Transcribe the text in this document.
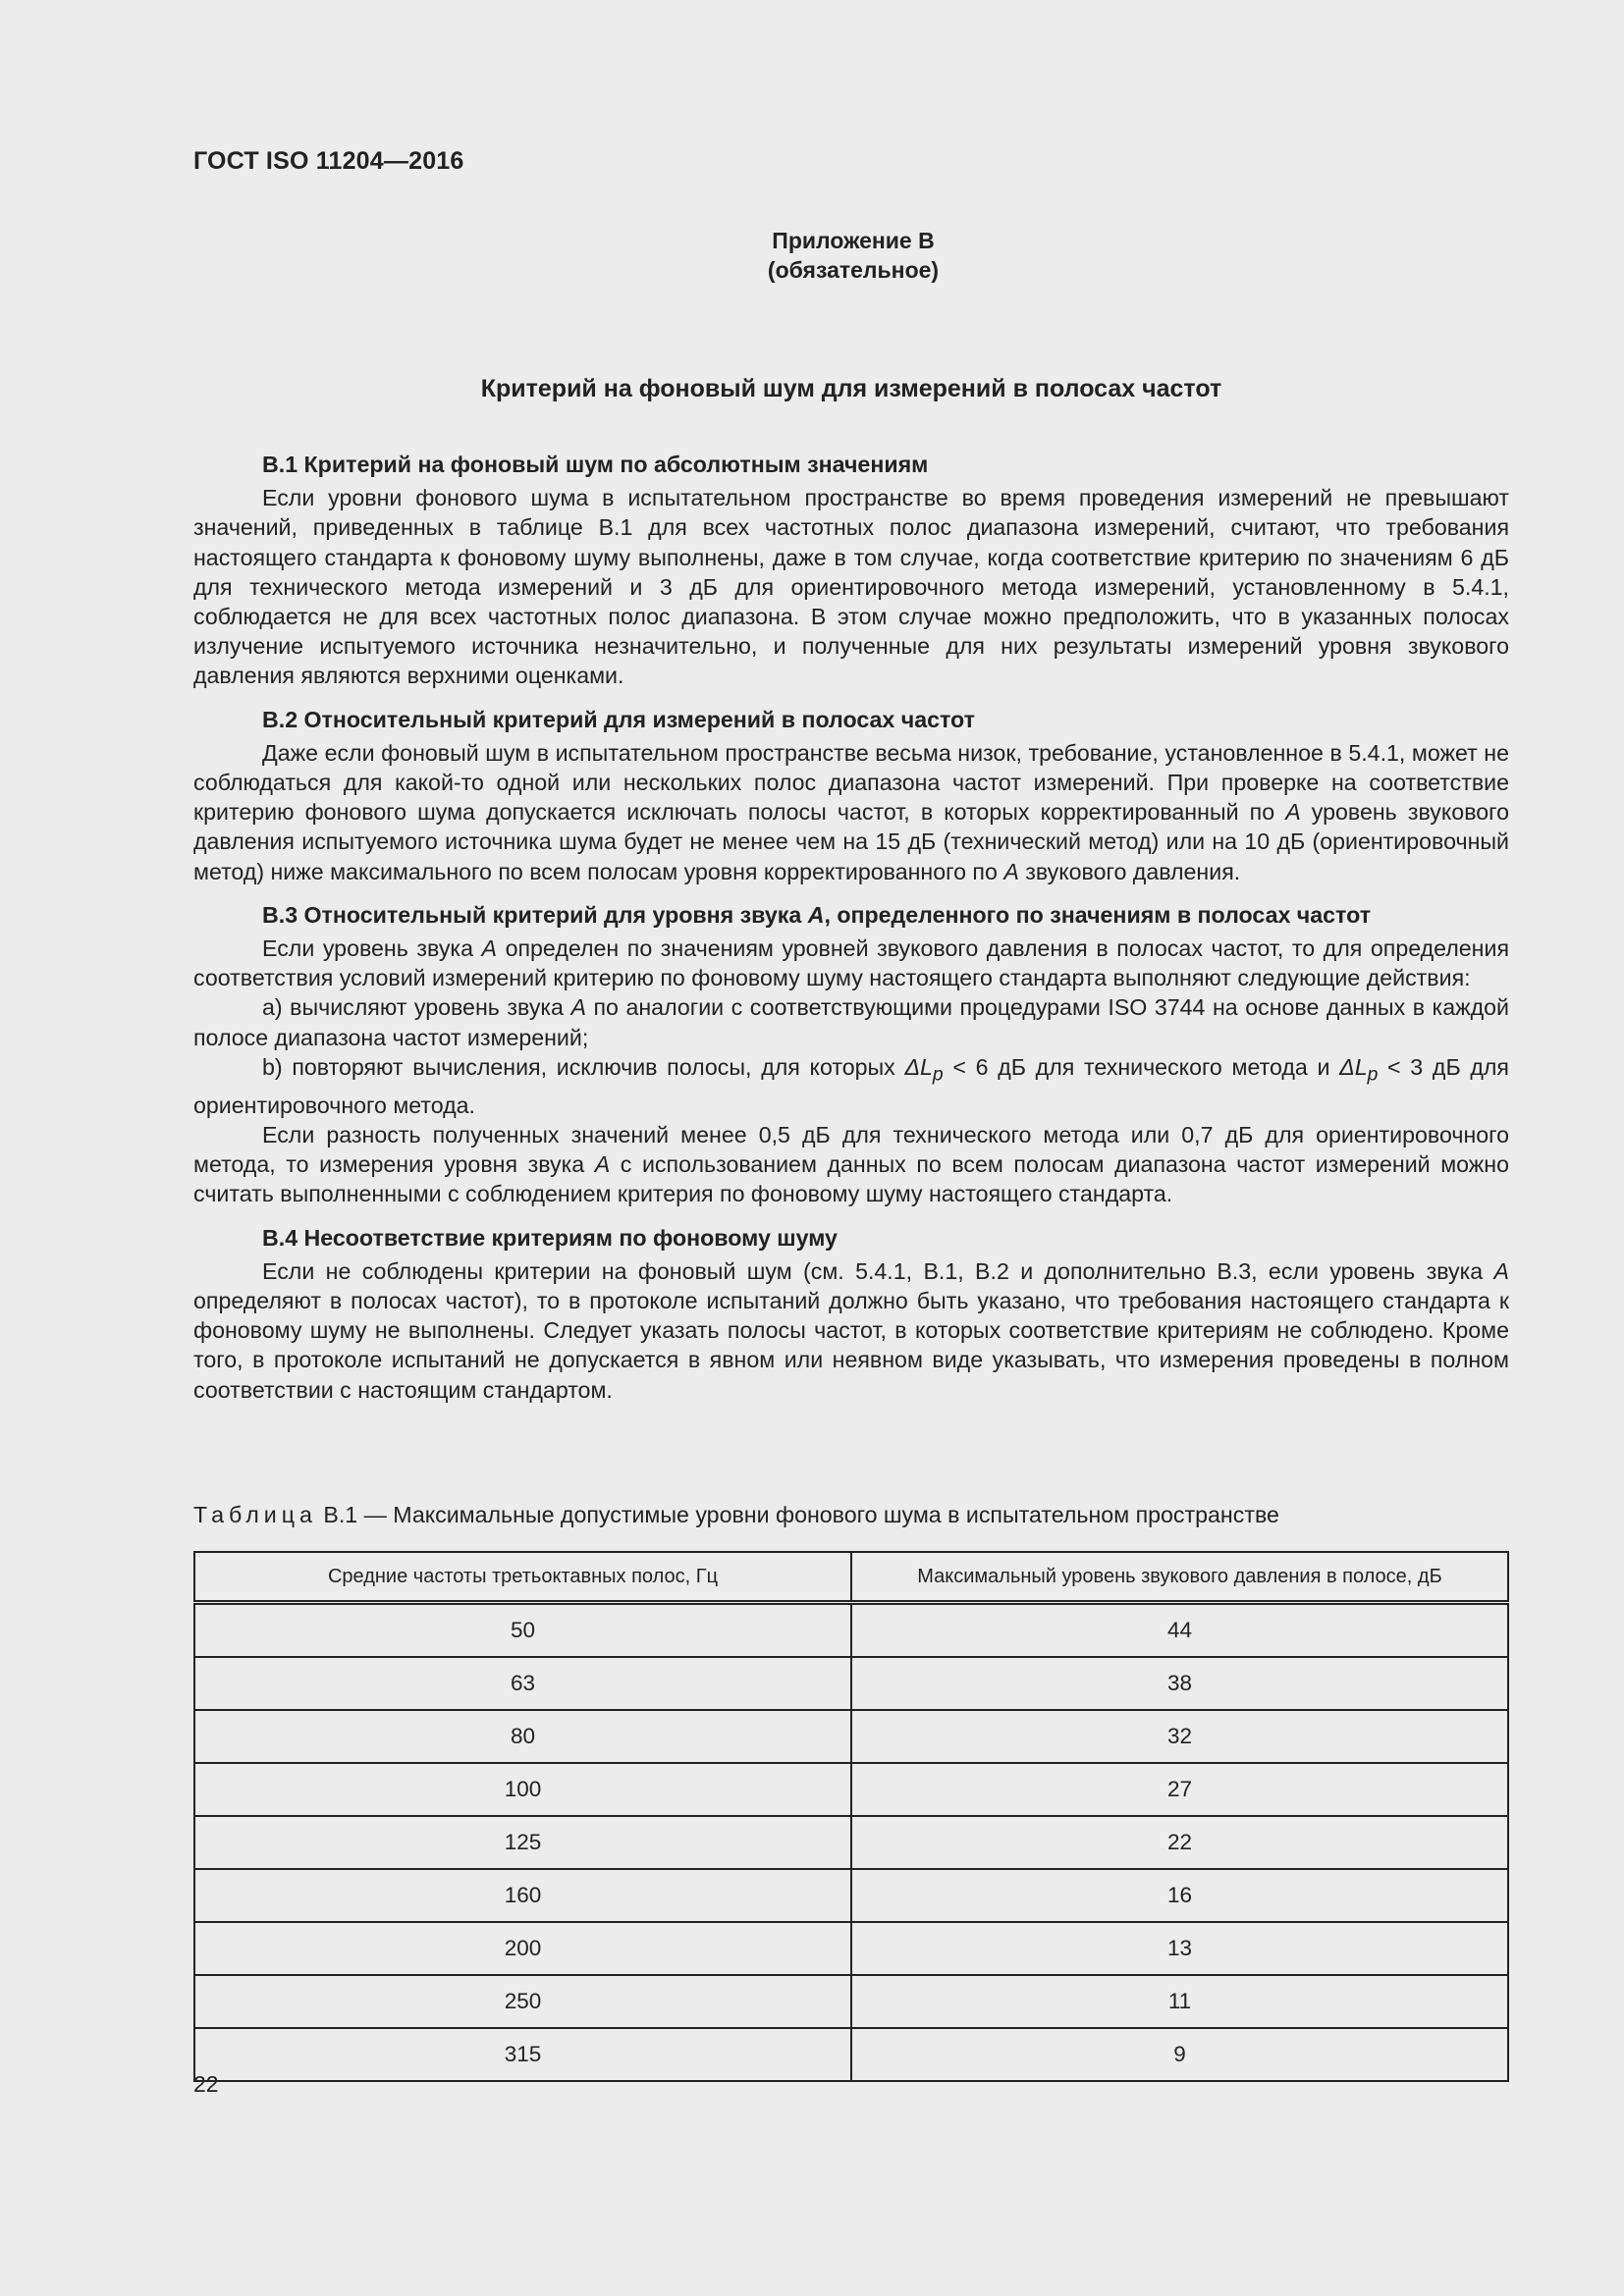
ГОСТ ISO 11204—2016
Приложение В
(обязательное)
Критерий на фоновый шум для измерений в полосах частот

В.1 Критерий на фоновый шум по абсолютным значениям

Если уровни фонового шума в испытательном пространстве во время проведения измерений не превышают значений, приведенных в таблице В.1 для всех частотных полос диапазона измерений, считают, что требования настоящего стандарта к фоновому шуму выполнены, даже в том случае, когда соответствие критерию по значениям 6 дБ для технического метода измерений и 3 дБ для ориентировочного метода измерений, установленному в 5.4.1, соблюдается не для всех частотных полос диапазона. В этом случае можно предположить, что в указанных полосах излучение испытуемого источника незначительно, и полученные для них результаты измерений уровня звукового давления являются верхними оценками.

В.2 Относительный критерий для измерений в полосах частот

Даже если фоновый шум в испытательном пространстве весьма низок, требование, установленное в 5.4.1, может не соблюдаться для какой-то одной или нескольких полос диапазона частот измерений. При проверке на соответствие критерию фонового шума допускается исключать полосы частот, в которых корректированный по А уровень звукового давления испытуемого источника шума будет не менее чем на 15 дБ (технический метод) или на 10 дБ (ориентировочный метод) ниже максимального по всем полосам уровня корректированного по А звукового давления.

В.3 Относительный критерий для уровня звука А, определенного по значениям в полосах частот

Если уровень звука А определен по значениям уровней звукового давления в полосах частот, то для определения соответствия условий измерений критерию по фоновому шуму настоящего стандарта выполняют следующие действия:

a) вычисляют уровень звука А по аналогии с соответствующими процедурами ISO 3744 на основе данных в каждой полосе диапазона частот измерений;

b) повторяют вычисления, исключив полосы, для которых $\Delta L_p < 6$ дБ для технического метода и $\Delta L_p < 3$ дБ для ориентировочного метода.

Если разность полученных значений менее 0,5 дБ для технического метода или 0,7 дБ для ориентировочного метода, то измерения уровня звука А с использованием данных по всем полосам диапазона частот измерений можно считать выполненными с соблюдением критерия по фоновому шуму настоящего стандарта.

В.4 Несоответствие критериям по фоновому шуму

Если не соблюдены критерии на фоновый шум (см. 5.4.1, В.1, В.2 и дополнительно В.3, если уровень звука А определяют в полосах частот), то в протоколе испытаний должно быть указано, что требования настоящего стандарта к фоновому шуму не выполнены. Следует указать полосы частот, в которых соответствие критериям не соблюдено. Кроме того, в протоколе испытаний не допускается в явном или неявном виде указывать, что измерения проведены в полном соответствии с настоящим стандартом.

Таблица В.1 — Максимальные допустимые уровни фонового шума в испытательном пространстве
Средние частоты третьоктавных полос, Гц	Максимальный уровень звукового давления в полосе, дБ
50	44
63	38
80	32
100	27
125	22
160	16
200	13
250	11
315	9
22
